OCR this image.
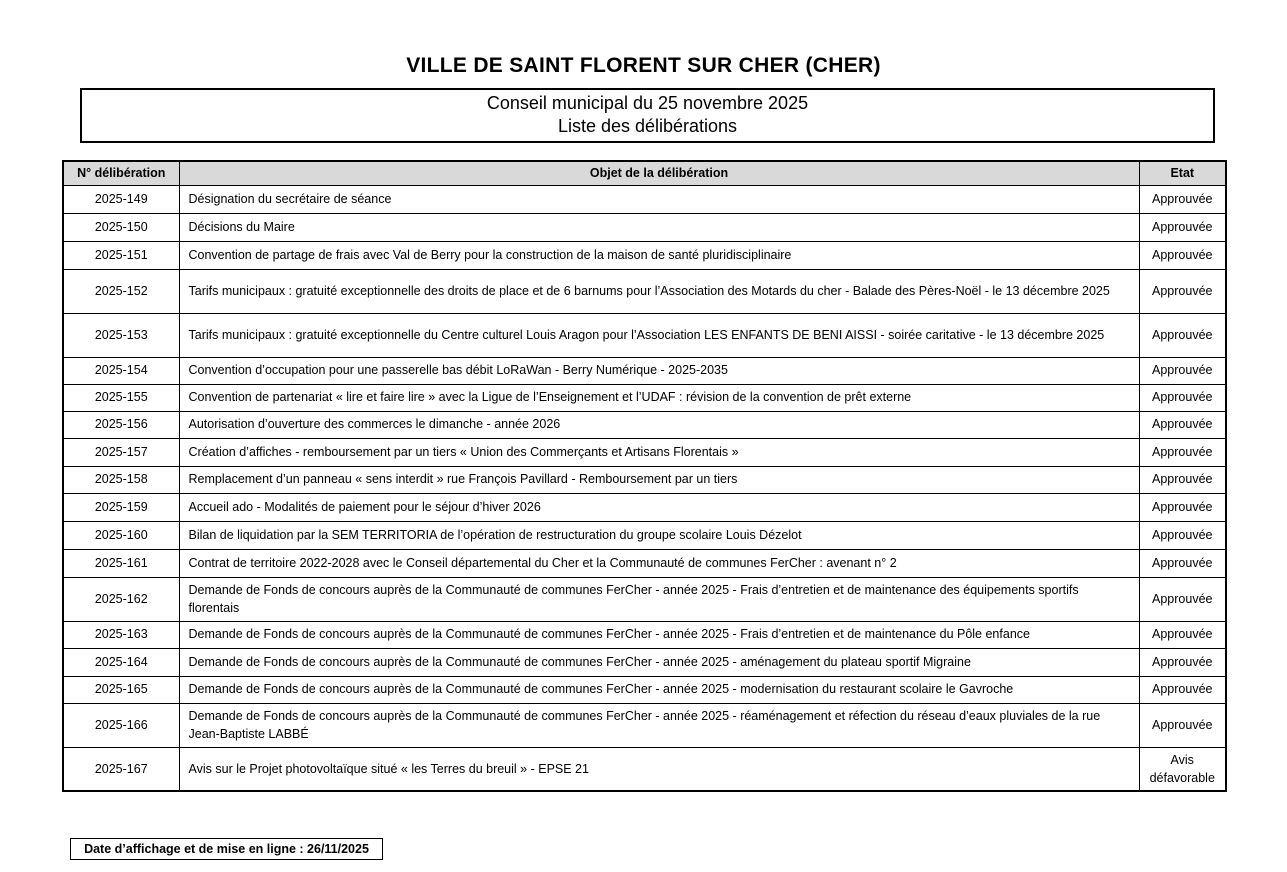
VILLE DE SAINT FLORENT SUR CHER (CHER)
Conseil municipal du 25 novembre 2025
Liste des délibérations
N° délibération	Objet de la délibération	Etat
2025-149	Désignation du secrétaire de séance	Approuvée
2025-150	Décisions du Maire	Approuvée
2025-151	Convention de partage de frais avec Val de Berry pour la construction de la maison de santé pluridisciplinaire	Approuvée
2025-152	Tarifs municipaux : gratuité exceptionnelle des droits de place et de 6 barnums pour l’Association des Motards du cher - Balade des Pères-Noël - le 13 décembre 2025	Approuvée
2025-153	Tarifs municipaux : gratuité exceptionnelle du Centre culturel Louis Aragon pour l’Association LES ENFANTS DE BENI AISSI - soirée caritative - le 13 décembre 2025	Approuvée
2025-154	Convention d’occupation pour une passerelle bas débit LoRaWan - Berry Numérique - 2025-2035	Approuvée
2025-155	Convention de partenariat « lire et faire lire » avec la Ligue de l’Enseignement et l’UDAF : révision de la convention de prêt externe	Approuvée
2025-156	Autorisation d’ouverture des commerces le dimanche - année 2026	Approuvée
2025-157	Création d’affiches - remboursement par un tiers « Union des Commerçants et Artisans Florentais »	Approuvée
2025-158	Remplacement d’un panneau « sens interdit » rue François Pavillard - Remboursement par un tiers	Approuvée
2025-159	Accueil ado - Modalités de paiement pour le séjour d’hiver 2026	Approuvée
2025-160	Bilan de liquidation par la SEM TERRITORIA de l’opération de restructuration du groupe scolaire Louis Dézelot	Approuvée
2025-161	Contrat de territoire 2022-2028 avec le Conseil départemental du Cher et la Communauté de communes FerCher : avenant n° 2	Approuvée
2025-162	Demande de Fonds de concours auprès de la Communauté de communes FerCher - année 2025 - Frais d’entretien et de maintenance des équipements sportifs florentais	Approuvée
2025-163	Demande de Fonds de concours auprès de la Communauté de communes FerCher - année 2025 - Frais d’entretien et de maintenance du Pôle enfance	Approuvée
2025-164	Demande de Fonds de concours auprès de la Communauté de communes FerCher - année 2025 - aménagement du plateau sportif Migraine	Approuvée
2025-165	Demande de Fonds de concours auprès de la Communauté de communes FerCher - année 2025 - modernisation du restaurant scolaire le Gavroche	Approuvée
2025-166	Demande de Fonds de concours auprès de la Communauté de communes FerCher - année 2025 - réaménagement et réfection du réseau d’eaux pluviales de la rue Jean-Baptiste LABBÉ	Approuvée
2025-167	Avis sur le Projet photovoltaïque situé « les Terres du breuil » - EPSE 21	Avis défavorable
Date d’affichage et de mise en ligne : 26/11/2025
